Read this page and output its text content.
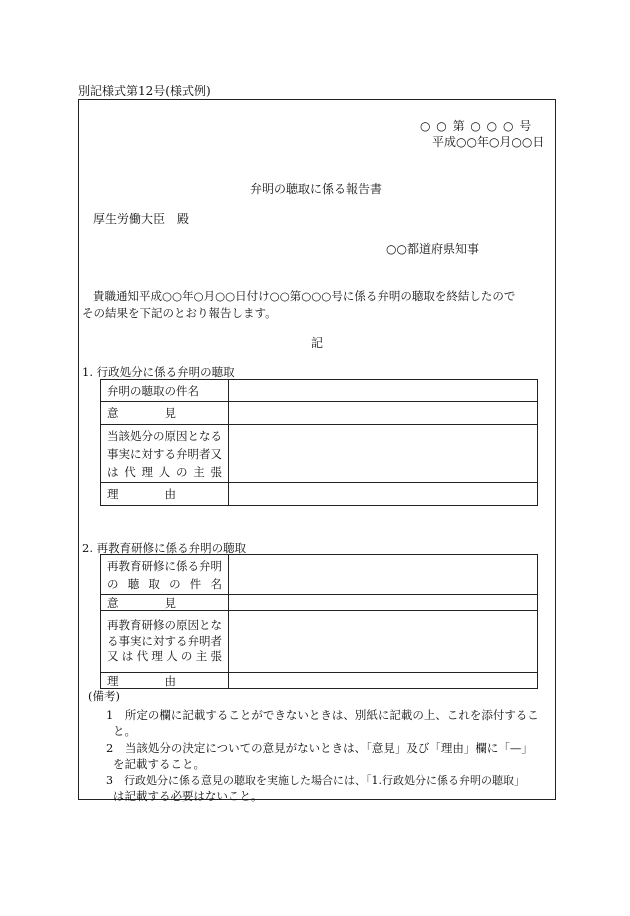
別記様式第12号(様式例)
○ ○ 第 ○ ○ ○ 号
平成○○年○月○○日
弁明の聴取に係る報告書
厚生労働大臣　殿
○○都道府県知事
貴職通知平成○○年○月○○日付け○○第○○○号に係る弁明の聴取を終結したので
その結果を下記のとおり報告します。
記
1. 行政処分に係る弁明の聴取
弁明の聴取の件名	
意　　　　見	
当該処分の原因となる事実に対する弁明者又は代理人の主張	
理　　　　由	
2. 再教育研修に係る弁明の聴取
再教育研修に係る弁明の聴取の件名	
意　　　　見	
再教育研修の原因となる事実に対する弁明者又は代理人の主張	
理　　　　由	
(備考)
1　所定の欄に記載することができないときは、別紙に記載の上、これを添付するこ
と。
2　当該処分の決定についての意見がないときは、「意見」及び「理由」欄に「—」
を記載すること。
3　行政処分に係る意見の聴取を実施した場合には、「1.行政処分に係る弁明の聴取」
は記載する必要はないこと。
